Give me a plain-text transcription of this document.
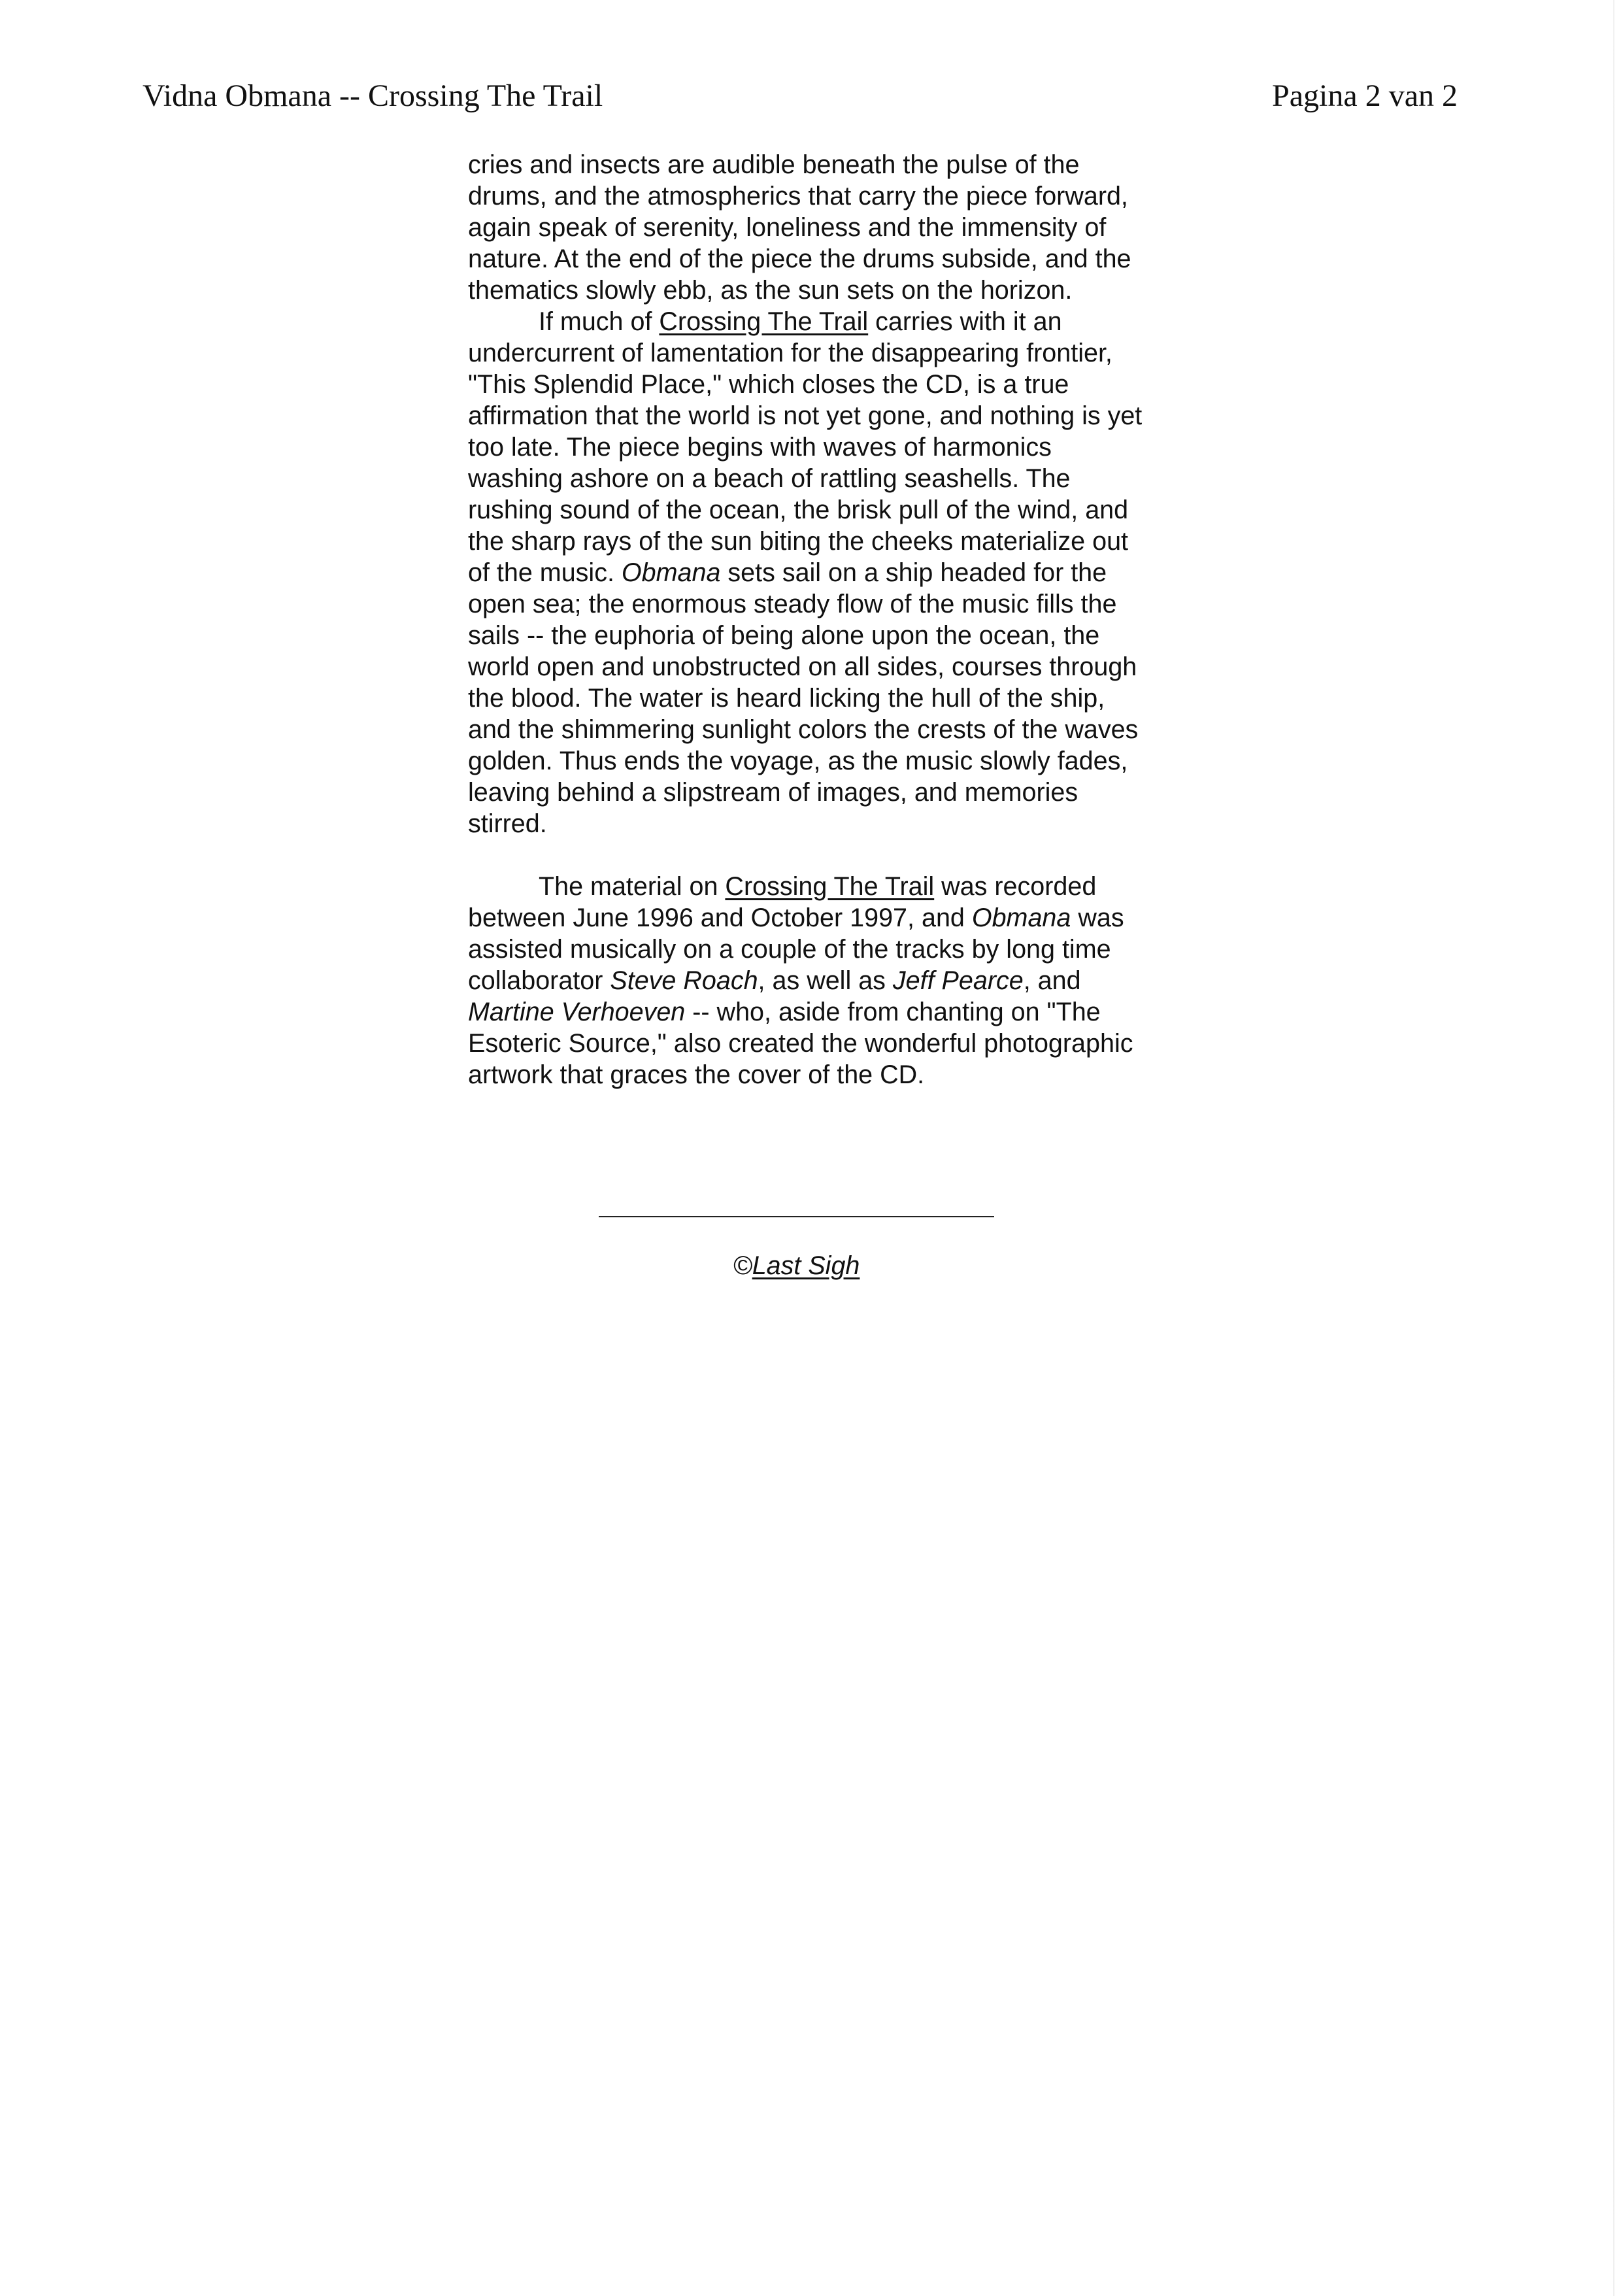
Vidna Obmana -- Crossing The Trail	Pagina 2 van 2

cries and insects are audible beneath the pulse of the drums, and the atmospherics that carry the piece forward, again speak of serenity, loneliness and the immensity of nature. At the end of the piece the drums subside, and the thematics slowly ebb, as the sun sets on the horizon.

If much of Crossing The Trail carries with it an undercurrent of lamentation for the disappearing frontier, "This Splendid Place," which closes the CD, is a true affirmation that the world is not yet gone, and nothing is yet too late. The piece begins with waves of harmonics washing ashore on a beach of rattling seashells. The rushing sound of the ocean, the brisk pull of the wind, and the sharp rays of the sun biting the cheeks materialize out of the music. Obmana sets sail on a ship headed for the open sea; the enormous steady flow of the music fills the sails -- the euphoria of being alone upon the ocean, the world open and unobstructed on all sides, courses through the blood. The water is heard licking the hull of the ship, and the shimmering sunlight colors the crests of the waves golden. Thus ends the voyage, as the music slowly fades, leaving behind a slipstream of images, and memories stirred.

The material on Crossing The Trail was recorded between June 1996 and October 1997, and Obmana was assisted musically on a couple of the tracks by long time collaborator Steve Roach, as well as Jeff Pearce, and Martine Verhoeven -- who, aside from chanting on "The Esoteric Source," also created the wonderful photographic artwork that graces the cover of the CD.

©Last Sigh
